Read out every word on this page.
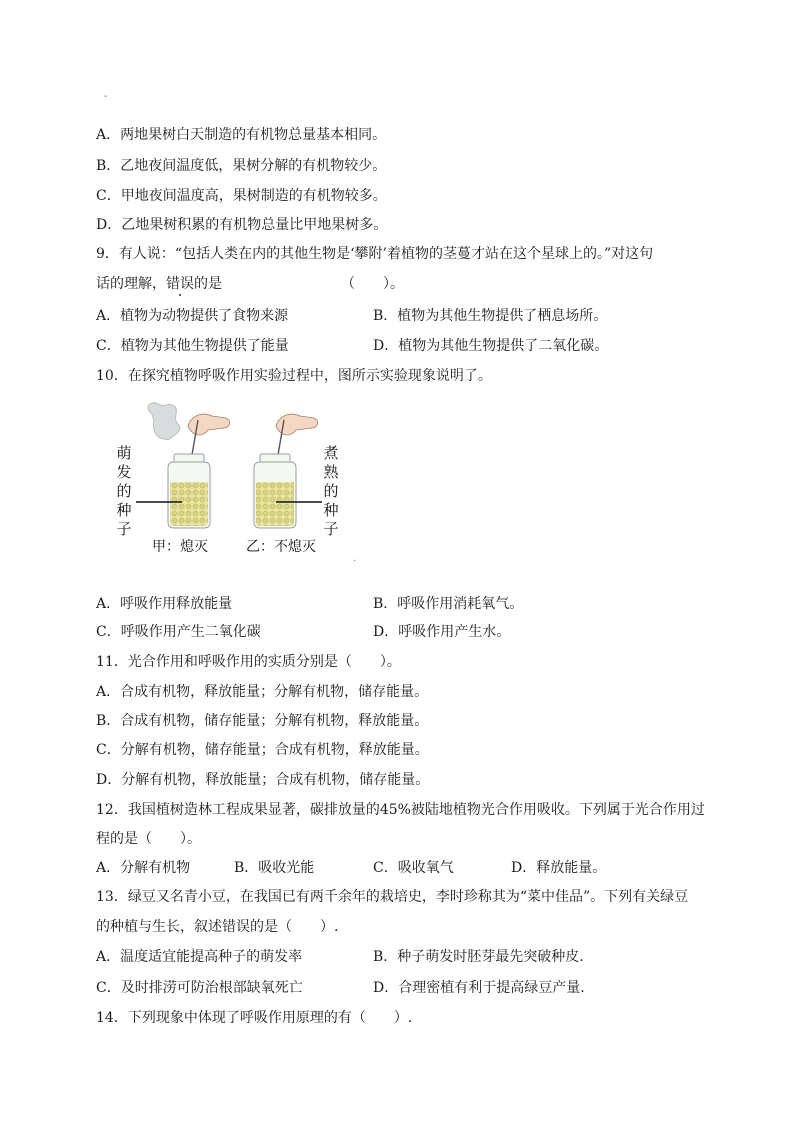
-
A．两地果树白天制造的有机物总量基本相同。
B．乙地夜间温度低，果树分解的有机物较少。
C．甲地夜间温度高，果树制造的有机物较多。
D．乙地果树积累的有机物总量比甲地果树多。
9．有人说：“包括人类在内的其他生物是‘攀附’着植物的茎蔓才站在这个星球上的。”对这句
话的理解，错误的是	（　　）。
A．植物为动物提供了食物来源	B．植物为其他生物提供了栖息场所。
C．植物为其他生物提供了能量	D．植物为其他生物提供了二氧化碳。
10．在探究植物呼吸作用实验过程中，图所示实验现象说明了。
萌
发
的
种
子
煮
熟
的
种
子
甲：熄灭	乙：不熄灭
·
A．呼吸作用释放能量	B．呼吸作用消耗氧气。
C．呼吸作用产生二氧化碳	D．呼吸作用产生水。
11．光合作用和呼吸作用的实质分别是（　　）。
A．合成有机物，释放能量；分解有机物，储存能量。
B．合成有机物，储存能量；分解有机物，释放能量。
C．分解有机物，储存能量；合成有机物，释放能量。
D．分解有机物，释放能量；合成有机物，储存能量。
12．我国植树造林工程成果显著，碳排放量的45%被陆地植物光合作用吸收。下列属于光合作用过
程的是（　　）。
A．分解有机物	B．吸收光能	C．吸收氧气	D．释放能量。
13．绿豆又名青小豆，在我国已有两千余年的栽培史，李时珍称其为“菜中佳品”。下列有关绿豆
的种植与生长，叙述错误的是（　　）.
A．温度适宜能提高种子的萌发率	B．种子萌发时胚芽最先突破种皮.
C．及时排涝可防治根部缺氧死亡	D．合理密植有利于提高绿豆产量.
14．下列现象中体现了呼吸作用原理的有（　　）.
